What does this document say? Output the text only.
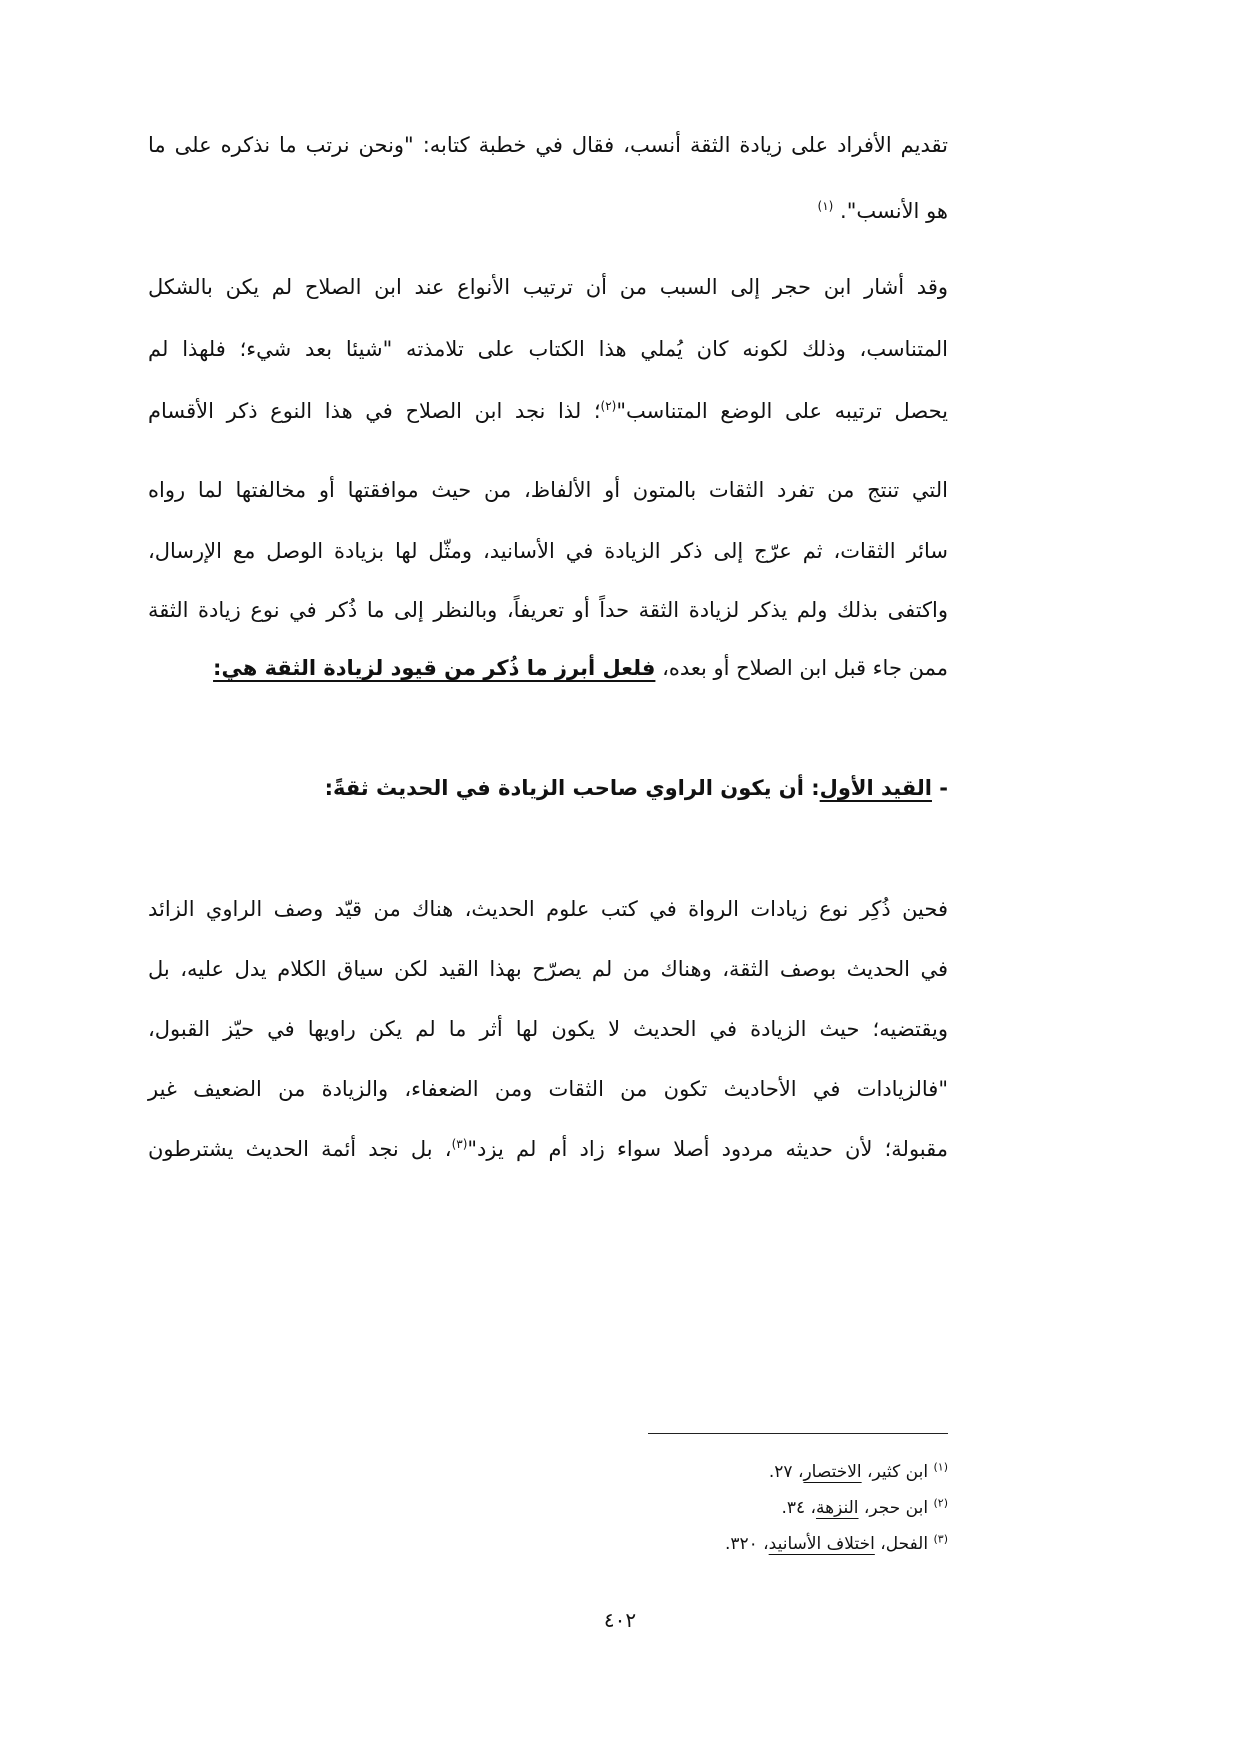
تقديم الأفراد على زيادة الثقة أنسب، فقال في خطبة كتابه: "ونحن نرتب ما نذكره على ما

هو الأنسب". $^{(١)}$

وقد أشار ابن حجر إلى السبب من أن ترتيب الأنواع عند ابن الصلاح لم يكن بالشكل

المتناسب، وذلك لكونه كان يُملي هذا الكتاب على تلامذته "شيئا بعد شيء؛ فلهذا لم

يحصل ترتيبه على الوضع المتناسب"$^{(٢)}$؛ لذا نجد ابن الصلاح في هذا النوع ذكر الأقسام

التي تنتج من تفرد الثقات بالمتون أو الألفاظ، من حيث موافقتها أو مخالفتها لما رواه

سائر الثقات، ثم عرّج إلى ذكر الزيادة في الأسانيد، ومثّل لها بزيادة الوصل مع الإرسال،

واكتفى بذلك ولم يذكر لزيادة الثقة حداً أو تعريفاً، وبالنظر إلى ما ذُكر في نوع زيادة الثقة

ممن جاء قبل ابن الصلاح أو بعده، فلعل أبرز ما ذُكر من قيود لزيادة الثقة هي:

- القيد الأول: أن يكون الراوي صاحب الزيادة في الحديث ثقةً:

فحين ذُكِر نوع زيادات الرواة في كتب علوم الحديث، هناك من قيّد وصف الراوي الزائد

في الحديث بوصف الثقة، وهناك من لم يصرّح بهذا القيد لكن سياق الكلام يدل عليه، بل

ويقتضيه؛ حيث الزيادة في الحديث لا يكون لها أثر ما لم يكن راويها في حيّز القبول،

"فالزيادات في الأحاديث تكون من الثقات ومن الضعفاء، والزيادة من الضعيف غير

مقبولة؛ لأن حديثه مردود أصلا سواء زاد أم لم يزد"$^{(٣)}$، بل نجد أئمة الحديث يشترطون

$^{(١)}$ ابن كثير، الاختصار، ٢٧.
$^{(٢)}$ ابن حجر، النزهة، ٣٤.
$^{(٣)}$ الفحل، اختلاف الأسانيد، ٣٢٠.
٤٠٢
